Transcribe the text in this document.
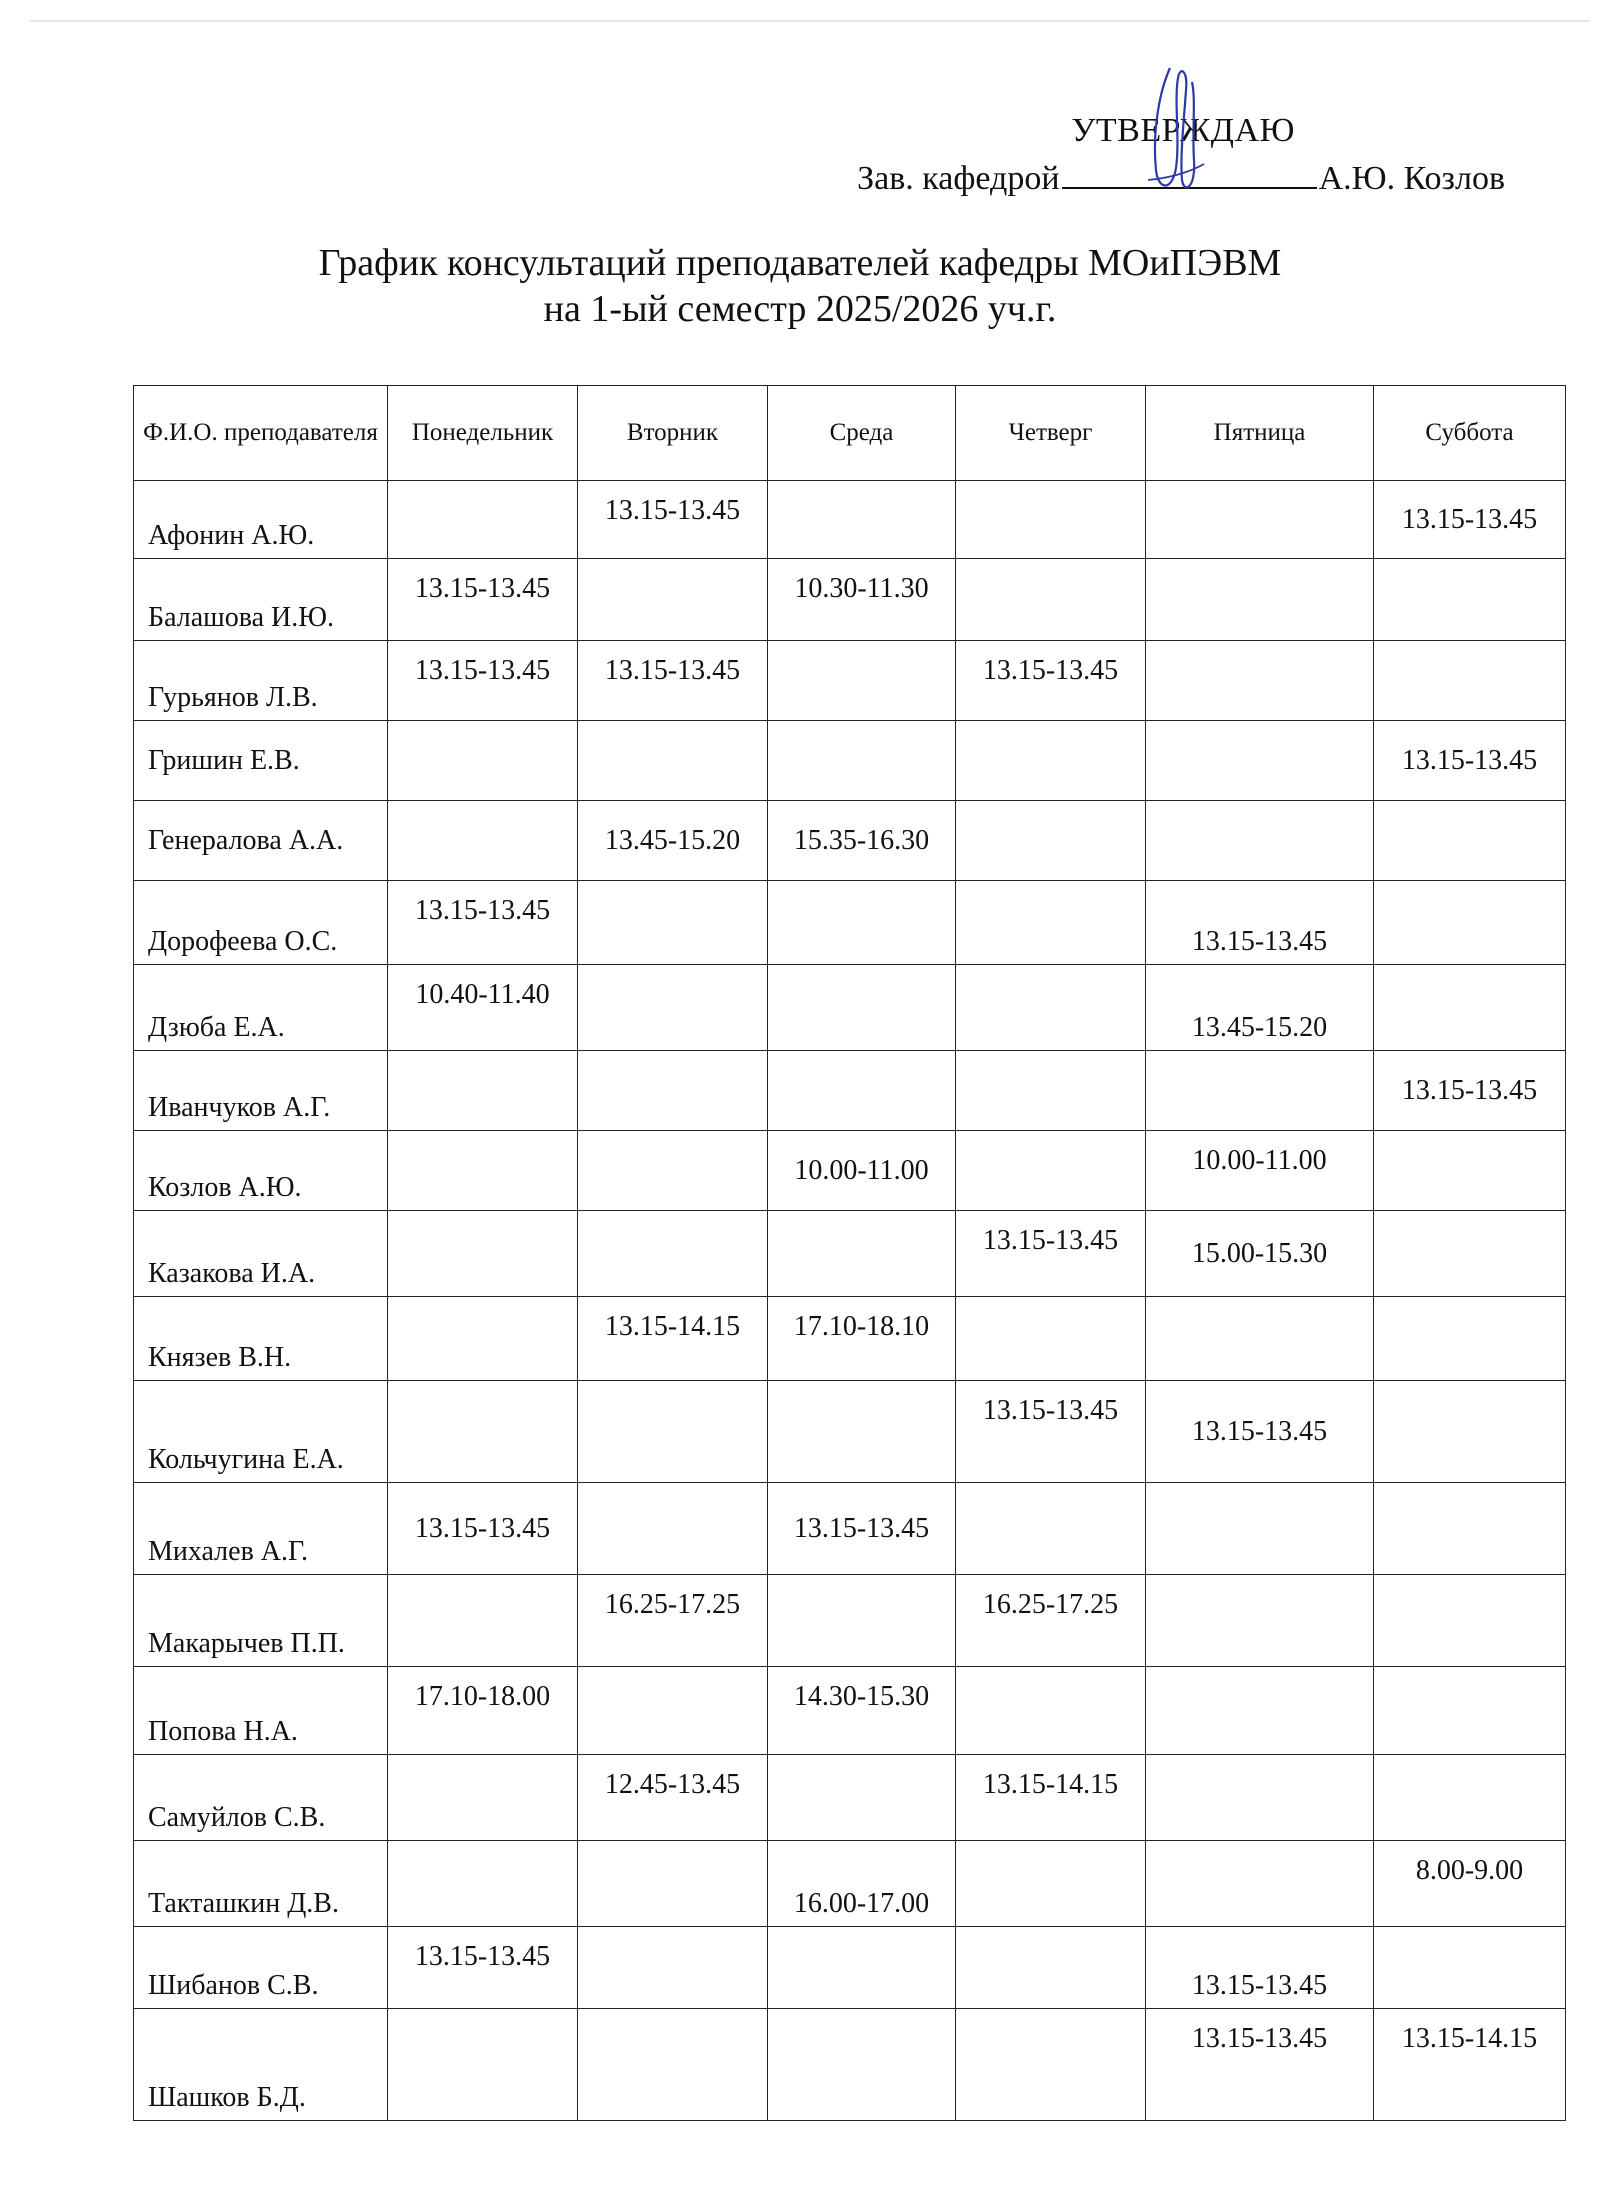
УТВЕРЖДАЮ
Зав. кафедрой	А.Ю. Козлов
График консультаций преподавателей кафедры МОиПЭВМ
на 1-ый семестр 2025/2026 уч.г.
Ф.И.О. преподавателя	Понедельник	Вторник	Среда	Четверг	Пятница	Суббота

Афонин А.Ю.		13.15-13.45				13.15-13.45

Балашова И.Ю.	13.15-13.45		10.30-11.30			

Гурьянов Л.В.	13.15-13.45	13.15-13.45		13.15-13.45		

Гришин Е.В.						13.15-13.45

Генералова А.А.		13.45-15.20	15.35-16.30			

Дорофеева О.С.	13.15-13.45				13.15-13.45	

Дзюба Е.А.	10.40-11.40				13.45-15.20	

Иванчуков А.Г.						13.15-13.45

Козлов А.Ю.			10.00-11.00		10.00-11.00	

Казакова И.А.				13.15-13.45	15.00-15.30	

Князев В.Н.		13.15-14.15	17.10-18.10			

Кольчугина Е.А.				13.15-13.45	13.15-13.45	

Михалев А.Г.	13.15-13.45		13.15-13.45			

Макарычев П.П.		16.25-17.25		16.25-17.25		

Попова Н.А.	17.10-18.00		14.30-15.30			

Самуйлов С.В.		12.45-13.45		13.15-14.15		

Такташкин Д.В.			16.00-17.00			8.00-9.00

Шибанов С.В.	13.15-13.45				13.15-13.45	

Шашков Б.Д.					13.15-13.45	13.15-14.15
